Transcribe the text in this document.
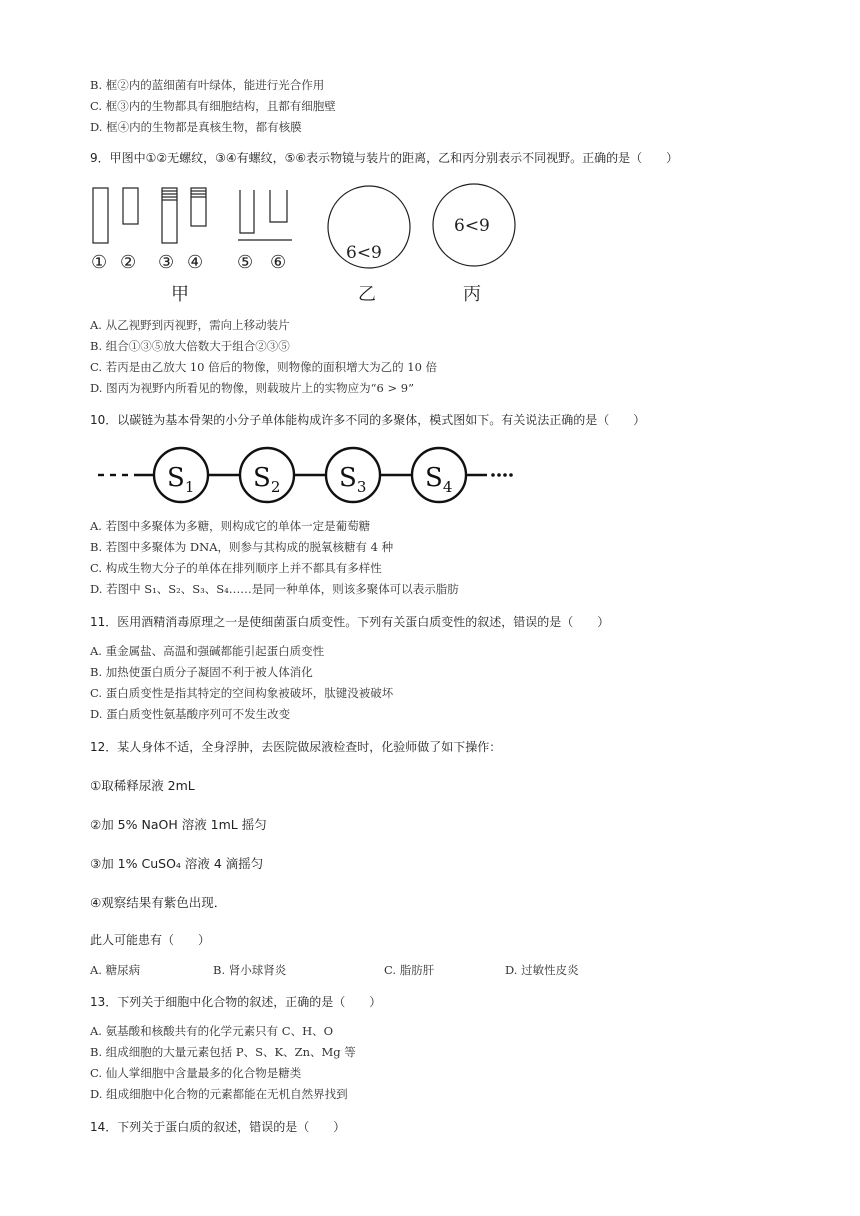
B. 框②内的蓝细菌有叶绿体，能进行光合作用
C. 框③内的生物都具有细胞结构，且都有细胞壁
D. 框④内的生物都是真核生物，都有核膜
9．甲图中①②无螺纹，③④有螺纹，⑤⑥表示物镜与装片的距离，乙和丙分别表示不同视野。正确的是（　　）
① ② ③ ④ ⑤ ⑥
甲
6<9
6<9
乙	丙
A. 从乙视野到丙视野，需向上移动装片
B. 组合①③⑤放大倍数大于组合②③⑤
C. 若丙是由乙放大 10 倍后的物像，则物像的面积增大为乙的 10 倍
D. 图丙为视野内所看见的物像，则载玻片上的实物应为“6 > 9”
10．以碳链为基本骨架的小分子单体能构成许多不同的多聚体，模式图如下。有关说法正确的是（　　）
$S_1$ $S_2$ $S_3$ $S_4$
A. 若图中多聚体为多糖，则构成它的单体一定是葡萄糖
B. 若图中多聚体为 DNA，则参与其构成的脱氧核糖有 4 种
C. 构成生物大分子的单体在排列顺序上并不都具有多样性
D. 若图中 S₁、S₂、S₃、S₄……是同一种单体，则该多聚体可以表示脂肪
11．医用酒精消毒原理之一是使细菌蛋白质变性。下列有关蛋白质变性的叙述，错误的是（　　）
A. 重金属盐、高温和强碱都能引起蛋白质变性
B. 加热使蛋白质分子凝固不利于被人体消化
C. 蛋白质变性是指其特定的空间构象被破坏，肽键没被破坏
D. 蛋白质变性氨基酸序列可不发生改变
12．某人身体不适，全身浮肿，去医院做尿液检查时，化验师做了如下操作：
①取稀释尿液 2mL
②加 5% NaOH 溶液 1mL 摇匀
③加 1% CuSO₄ 溶液 4 滴摇匀
④观察结果有紫色出现．
此人可能患有（　　）
A. 糖尿病	B. 肾小球肾炎	C. 脂肪肝	D. 过敏性皮炎
13．下列关于细胞中化合物的叙述，正确的是（　　）
A. 氨基酸和核酸共有的化学元素只有 C、H、O
B. 组成细胞的大量元素包括 P、S、K、Zn、Mg 等
C. 仙人掌细胞中含量最多的化合物是糖类
D. 组成细胞中化合物的元素都能在无机自然界找到
14．下列关于蛋白质的叙述，错误的是（　　）
